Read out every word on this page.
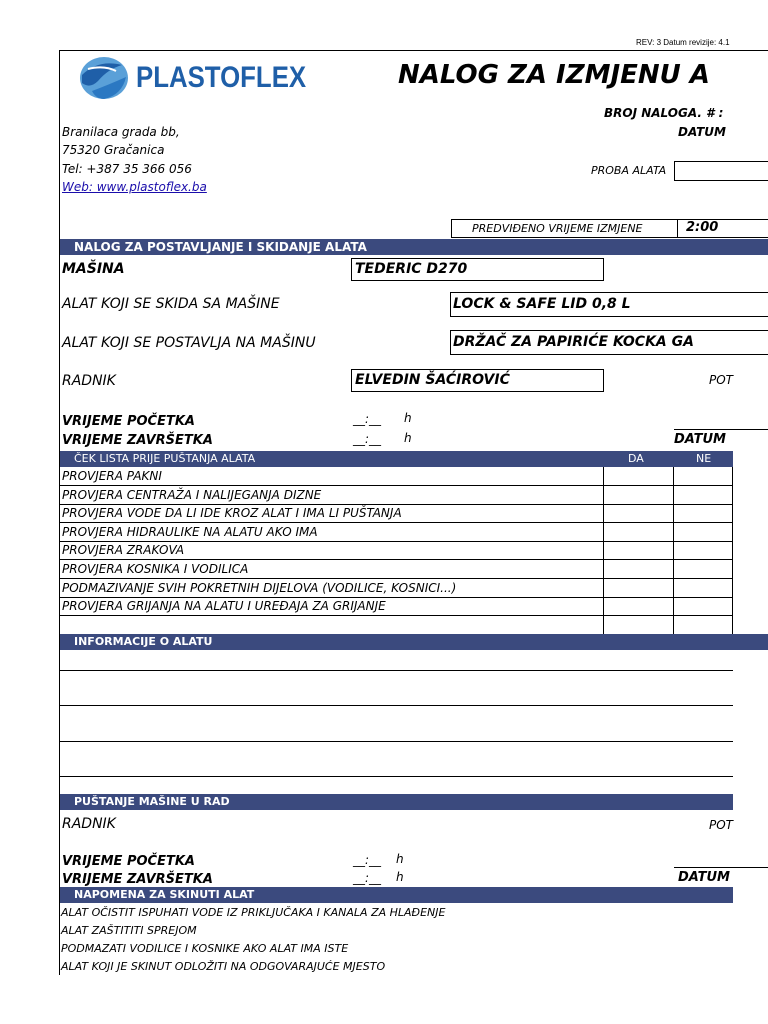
REV: 3 Datum revizije: 4.1
PLASTOFLEX	NALOG ZA IZMJENU A
BROJ NALOGA. # :
DATUM
Branilaca grada bb,
75320 Gračanica
Tel: +387 35 366 056
Web: www.plastoflex.ba
PROBA ALATA
PREDVIĐENO VRIJEME IZMJENE	2:00
NALOG ZA POSTAVLJANJE I SKIDANJE ALATA
MAŠINA	TEDERIC D270
ALAT KOJI SE SKIDA SA MAŠINE	LOCK & SAFE LID 0,8 L
ALAT KOJI SE POSTAVLJA NA MAŠINU	DRŽAČ ZA PAPIRIĆE KOCKA GA
RADNIK	ELVEDIN ŠAĆIROVIĆ	POT
VRIJEME POČETKA	__:__ h
VRIJEME ZAVRŠETKA	__:__ h	DATUM
ČEK LISTA PRIJE PUŠTANJA ALATA	DA	NE
PROVJERA PAKNI
PROVJERA CENTRAŽA I NALIJEGANJA DIZNE
PROVJERA VODE DA LI IDE KROZ ALAT I IMA LI PUŠTANJA
PROVJERA HIDRAULIKE NA ALATU AKO IMA
PROVJERA ZRAKOVA
PROVJERA KOSNIKA I VODILICA
PODMAZIVANJE SVIH POKRETNIH DIJELOVA (VODILICE, KOSNICI...)
PROVJERA GRIJANJA NA ALATU I UREĐAJA ZA GRIJANJE
INFORMACIJE O ALATU
PUŠTANJE MAŠINE U RAD
RADNIK	POT
VRIJEME POČETKA	__:__ h
VRIJEME ZAVRŠETKA	__:__ h	DATUM
NAPOMENA ZA SKINUTI ALAT
ALAT OČISTIT ISPUHATI VODE IZ PRIKLJUČAKA I KANALA ZA HLAĐENJE
ALAT ZAŠTITITI SPREJOM
PODMAZATI VODILICE I KOSNIKE AKO ALAT IMA ISTE
ALAT KOJI JE SKINUT ODLOŽITI NA ODGOVARAJUĆE MJESTO
